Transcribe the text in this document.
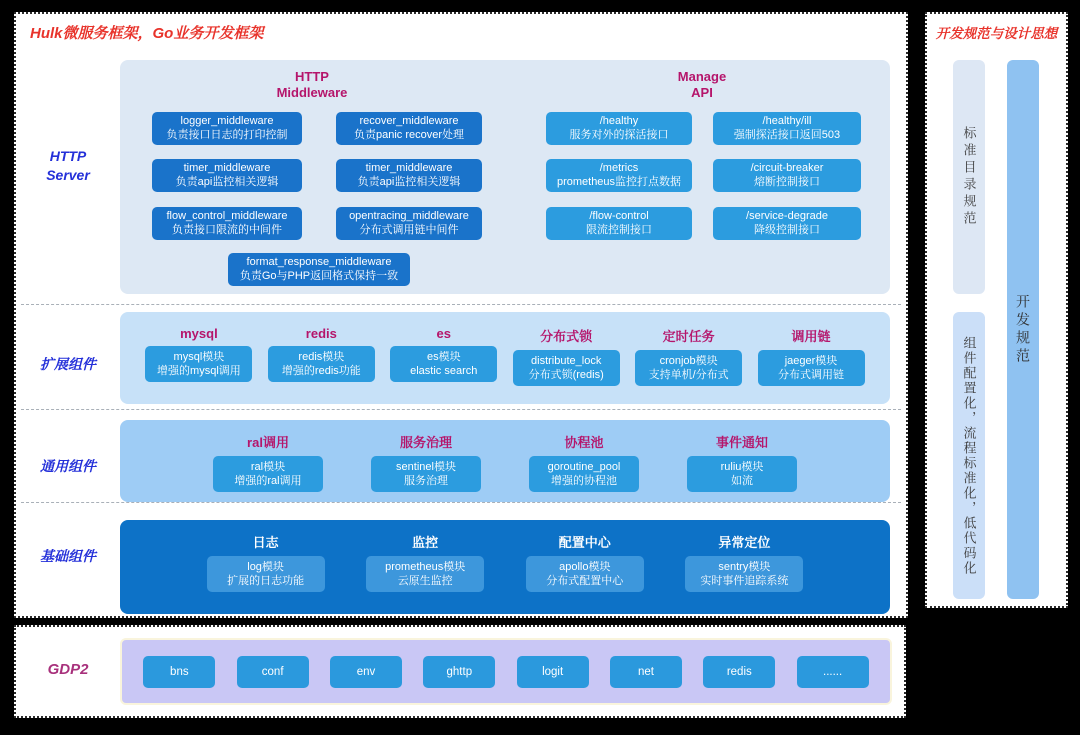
Hulk微服务框架，Go业务开发框架
HTTP
Server
扩展组件
通用组件
基础组件
HTTP
Middleware
Manage
API
logger_middleware
负责接口日志的打印控制
recover_middleware
负责panic recover处理
timer_middleware
负责api监控相关逻辑
timer_middleware
负责api监控相关逻辑
flow_control_middleware
负责接口限流的中间件
opentracing_middleware
分布式调用链中间件
format_response_middleware
负责Go与PHP返回格式保持一致
/healthy
服务对外的探活接口
/healthy/ill
强制探活接口返回503
/metrics
prometheus监控打点数据
/circuit-breaker
熔断控制接口
/flow-control
限流控制接口
/service-degrade
降级控制接口
mysql
mysql模块
增强的mysql调用
redis
redis模块
增强的redis功能
es
es模块
elastic search
分布式锁
distribute_lock
分布式锁(redis)
定时任务
cronjob模块
支持单机/分布式
调用链
jaeger模块
分布式调用链
ral调用
ral模块
增强的ral调用
服务治理
sentinel模块
服务治理
协程池
goroutine_pool
增强的协程池
事件通知
ruliu模块
如流
日志
log模块
扩展的日志功能
监控
prometheus模块
云原生监控
配置中心
apollo模块
分布式配置中心
异常定位
sentry模块
实时事件追踪系统
GDP2	bns	conf	env	ghttp	logit	net	redis	......
开发规范与设计思想
标准目录规范
组件配置化，流程标准化，低代码化
开发规范
